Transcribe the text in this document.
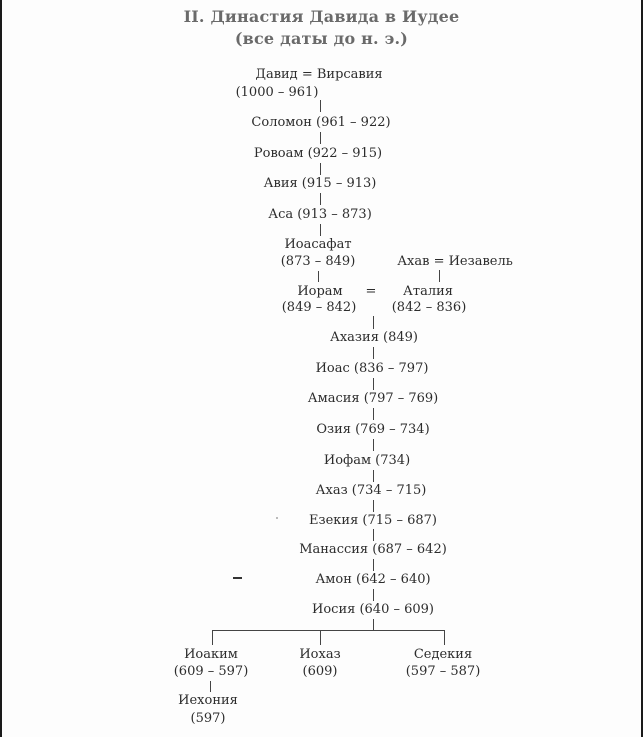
II. Династия Давида в Иудее
(все даты до н. э.)
Давид = Вирсавия
(1000 – 961)
Соломон (961 – 922)
Ровоам (922 – 915)
Авия (915 – 913)
Аса (913 – 873)
Иоасафат
(873 – 849)	Ахав = Иезавель
Иорам
(849 – 842)
= Аталия
(842 – 836)
Ахазия (849)
Иоас (836 – 797)
Амасия (797 – 769)
Озия (769 – 734)
Иофам (734)
Ахаз (734 – 715)
Езекия (715 – 687)
Манассия (687 – 642)
Амон (642 – 640)
Иосия (640 – 609)
Иоаким
(609 – 597)
Иохаз
(609)
Седекия
(597 – 587)
Иехония
(597)
